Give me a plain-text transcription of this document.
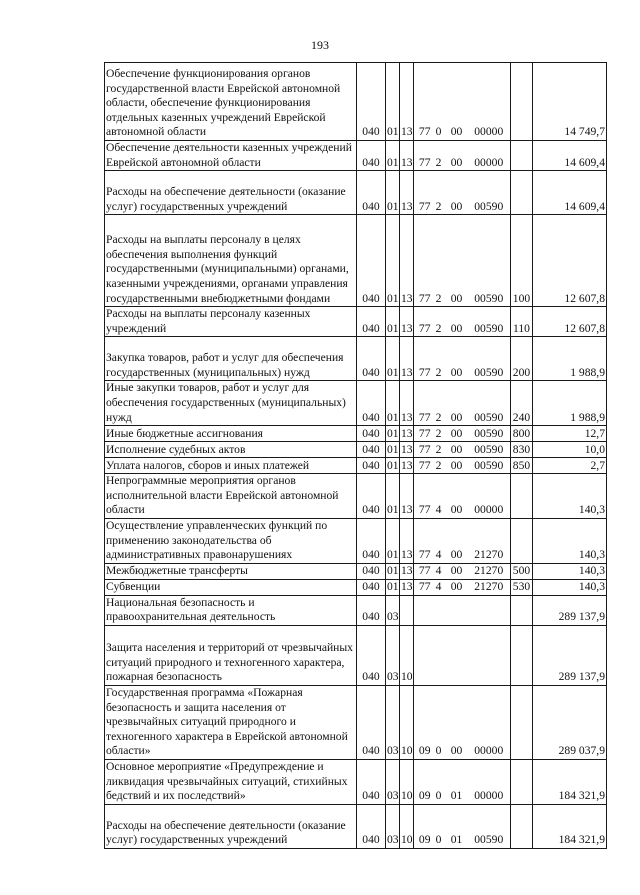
193
Обеспечение функционирования органов государственной власти Еврейской автономной области, обеспечение функционирования отдельных казенных учреждений Еврейской автономной области	040	01	13	77	0	00	00000		14 749,7
Обеспечение деятельности казенных учреждений Еврейской автономной области	040	01	13	77	2	00	00000		14 609,4
Расходы на обеспечение деятельности (оказание услуг) государственных учреждений	040	01	13	77	2	00	00590		14 609,4
Расходы на выплаты персоналу в целях обеспечения выполнения функций государственными (муниципальными) органами, казенными учреждениями, органами управления государственными внебюджетными фондами	040	01	13	77	2	00	00590	100	12 607,8
Расходы на выплаты персоналу казенных учреждений	040	01	13	77	2	00	00590	110	12 607,8
Закупка товаров, работ и услуг для обеспечения государственных (муниципальных) нужд	040	01	13	77	2	00	00590	200	1 988,9
Иные закупки товаров, работ и услуг для обеспечения государственных (муниципальных) нужд	040	01	13	77	2	00	00590	240	1 988,9
Иные бюджетные ассигнования	040	01	13	77	2	00	00590	800	12,7
Исполнение судебных актов	040	01	13	77	2	00	00590	830	10,0
Уплата налогов, сборов и иных платежей	040	01	13	77	2	00	00590	850	2,7
Непрограммные мероприятия органов исполнительной власти Еврейской автономной области	040	01	13	77	4	00	00000		140,3
Осуществление управленческих функций по применению законодательства об административных правонарушениях	040	01	13	77	4	00	21270		140,3
Межбюджетные трансферты	040	01	13	77	4	00	21270	500	140,3
Субвенции	040	01	13	77	4	00	21270	530	140,3
Национальная безопасность и правоохранительная деятельность	040	03							289 137,9
Защита населения и территорий от чрезвычайных ситуаций природного и техногенного характера, пожарная безопасность	040	03	10						289 137,9
Государственная программа «Пожарная безопасность и защита населения от чрезвычайных ситуаций природного и техногенного характера в Еврейской автономной области»	040	03	10	09	0	00	00000		289 037,9
Основное мероприятие «Предупреждение и ликвидация чрезвычайных ситуаций, стихийных бедствий и их последствий»	040	03	10	09	0	01	00000		184 321,9
Расходы на обеспечение деятельности (оказание услуг) государственных учреждений	040	03	10	09	0	01	00590		184 321,9
